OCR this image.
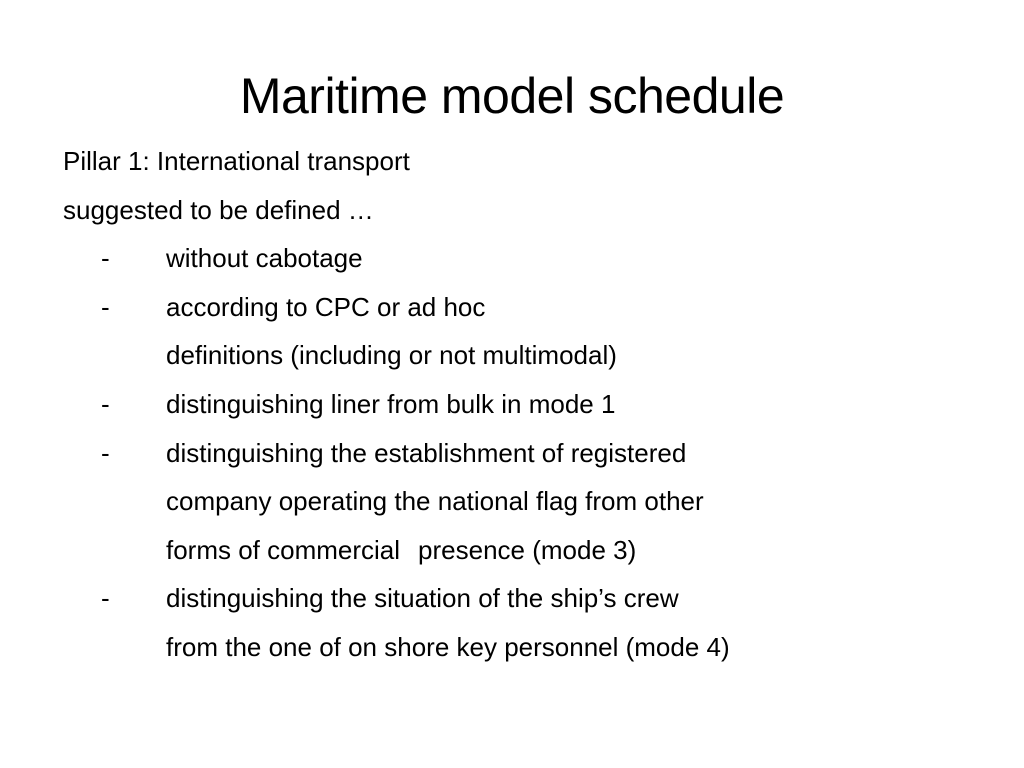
Maritime model schedule
Pillar 1: International transport
suggested to be defined …
- without cabotage
- according to CPC or ad hoc
definitions (including or not multimodal)
- distinguishing liner from bulk in mode 1
- distinguishing the establishment of registered
company operating the national flag from other
forms of commercial presence (mode 3)
- distinguishing the situation of the ship’s crew
from the one of on shore key personnel (mode 4)
